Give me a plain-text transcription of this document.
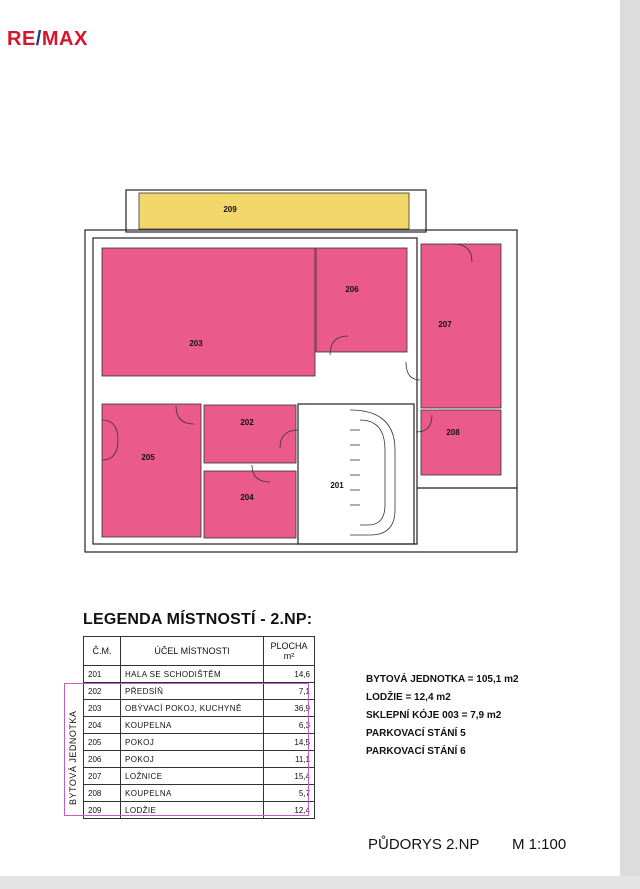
RE/MAX
209
206
207
203
208
202
205
204
201
LEGENDA MÍSTNOSTÍ - 2.NP:
Č.M.	ÚČEL MÍSTNOSTI	PLOCHA
m²
201	HALA SE SCHODIŠTĚM	14,6
202	PŘEDSÍŇ	7,1
203	OBÝVACÍ POKOJ, KUCHYNĚ	36,9
204	KOUPELNA	6,3
205	POKOJ	14,5
206	POKOJ	11,1
207	LOŽNICE	15,4
208	KOUPELNA	5,7
209	LODŽIE	12,4
BYTOVÁ JEDNOTKA
BYTOVÁ JEDNOTKA = 105,1 m2
LODŽIE = 12,4 m2
SKLEPNÍ KÓJE 003 = 7,9 m2
PARKOVACÍ STÁNÍ 5
PARKOVACÍ STÁNÍ 6
PŮDORYS 2.NP M 1:100
